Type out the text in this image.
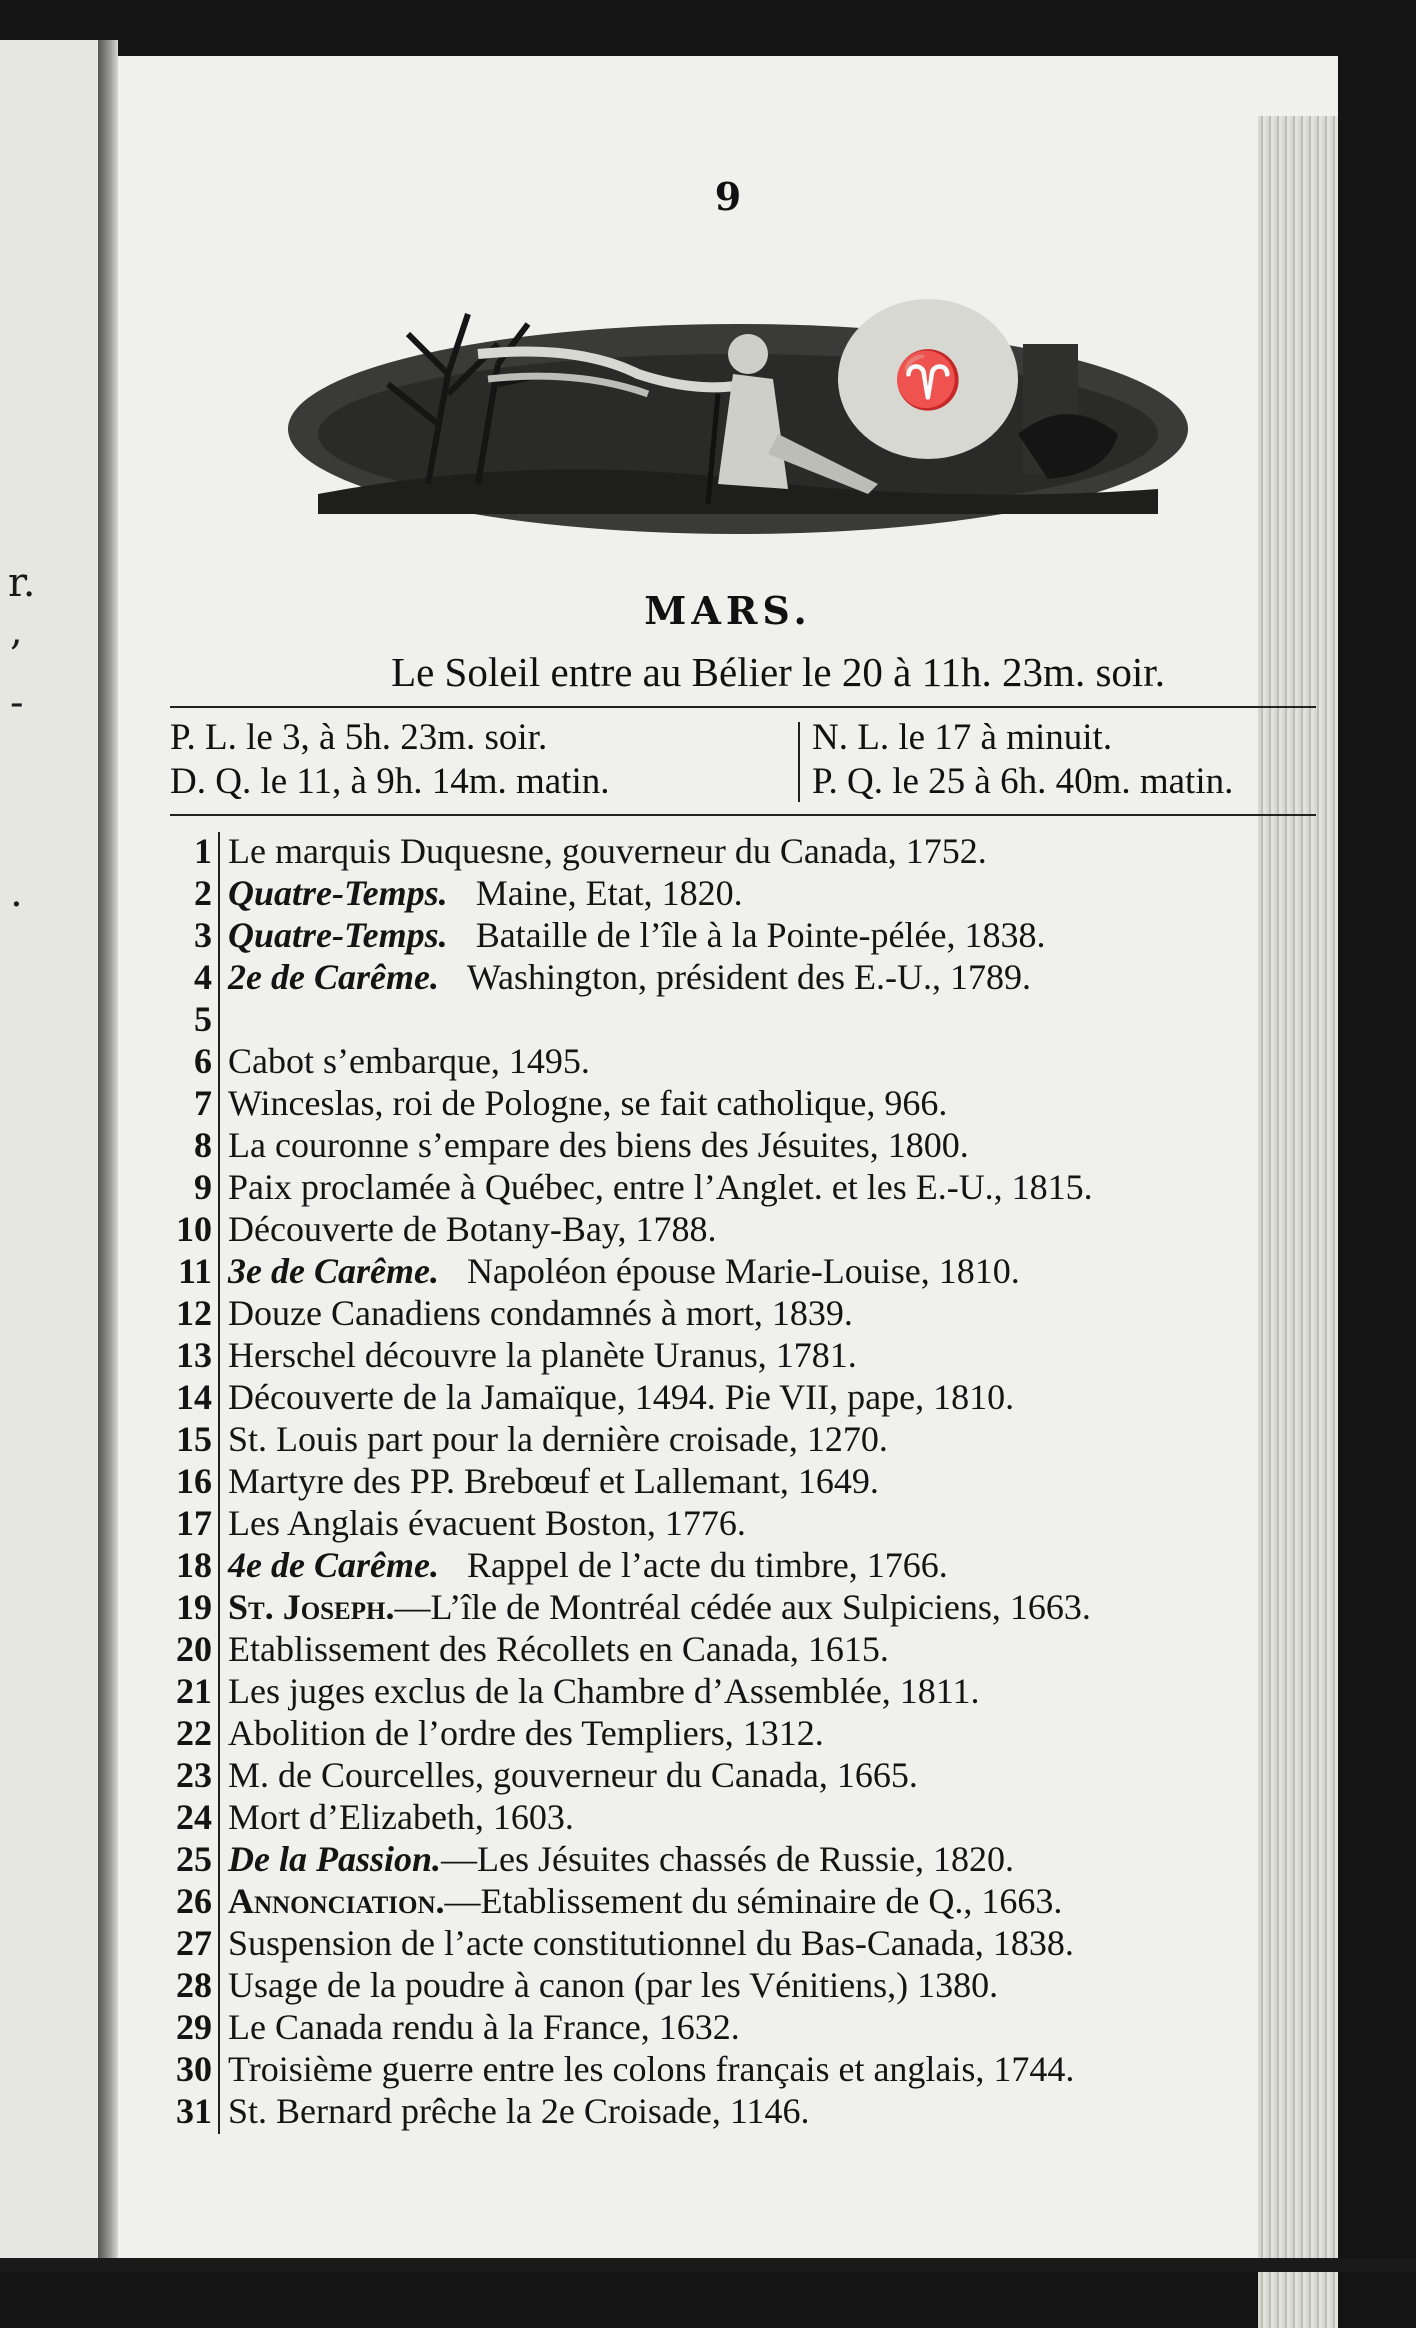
r.
,
-
.
9
♈
MARS.
Le Soleil entre au Bélier le 20 à 11h. 23m. soir.
P. L. le 3, à 5h. 23m. soir.
D. Q. le 11, à 9h. 14m. matin.
N. L. le 17 à minuit.
P. Q. le 25 à 6h. 40m. matin.
1 Le marquis Duquesne, gouverneur du Canada, 1752.
2 Quatre-Temps. Maine, Etat, 1820.
3 Quatre-Temps. Bataille de l’île à la Pointe-pélée, 1838.
4 2e de Carême. Washington, président des E.-U., 1789.
5
6 Cabot s’embarque, 1495.
7 Winceslas, roi de Pologne, se fait catholique, 966.
8 La couronne s’empare des biens des Jésuites, 1800.
9 Paix proclamée à Québec, entre l’Anglet. et les E.-U., 1815.
10 Découverte de Botany-Bay, 1788.
11 3e de Carême. Napoléon épouse Marie-Louise, 1810.
12 Douze Canadiens condamnés à mort, 1839.
13 Herschel découvre la planète Uranus, 1781.
14 Découverte de la Jamaïque, 1494. Pie VII, pape, 1810.
15 St. Louis part pour la dernière croisade, 1270.
16 Martyre des PP. Brebœuf et Lallemant, 1649.
17 Les Anglais évacuent Boston, 1776.
18 4e de Carême. Rappel de l’acte du timbre, 1766.
19 St. Joseph.—L’île de Montréal cédée aux Sulpiciens, 1663.
20 Etablissement des Récollets en Canada, 1615.
21 Les juges exclus de la Chambre d’Assemblée, 1811.
22 Abolition de l’ordre des Templiers, 1312.
23 M. de Courcelles, gouverneur du Canada, 1665.
24 Mort d’Elizabeth, 1603.
25 De la Passion.—Les Jésuites chassés de Russie, 1820.
26 Annonciation.—Etablissement du séminaire de Q., 1663.
27 Suspension de l’acte constitutionnel du Bas-Canada, 1838.
28 Usage de la poudre à canon (par les Vénitiens,) 1380.
29 Le Canada rendu à la France, 1632.
30 Troisième guerre entre les colons français et anglais, 1744.
31 St. Bernard prêche la 2e Croisade, 1146.
